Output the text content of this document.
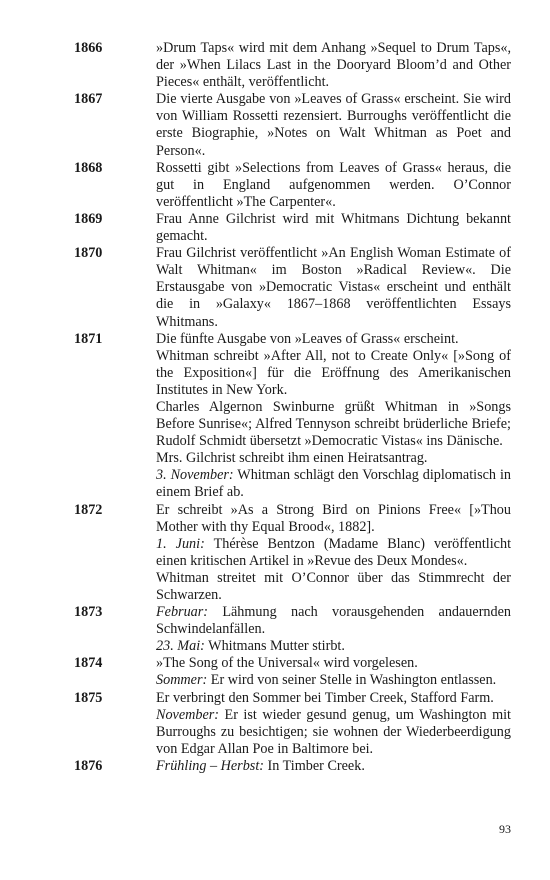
1866	»Drum Taps« wird mit dem Anhang »Sequel to Drum Taps«, der »When Lilacs Last in the Dooryard Bloom’d and Other Pieces« enthält, veröffentlicht.

1867	Die vierte Ausgabe von »Leaves of Grass« erscheint. Sie wird von William Rossetti rezensiert. Burroughs veröffentlicht die erste Biographie, »Notes on Walt Whitman as Poet and Person«.

1868	Rossetti gibt »Selections from Leaves of Grass« heraus, die gut in England aufgenommen werden. O’Connor veröffentlicht »The Carpenter«.

1869	Frau Anne Gilchrist wird mit Whitmans Dichtung bekannt gemacht.

1870	Frau Gilchrist veröffentlicht »An English Woman Estimate of Walt Whitman« im Boston »Radical Review«. Die Erstausgabe von »Democratic Vistas« erscheint und enthält die in »Galaxy« 1867–1868 veröffentlichten Essays Whitmans.

1871	Die fünfte Ausgabe von »Leaves of Grass« erscheint.

Whitman schreibt »After All, not to Create Only« [»Song of the Exposition«] für die Eröffnung des Amerikanischen Institutes in New York.

Charles Algernon Swinburne grüßt Whitman in »Songs Before Sunrise«; Alfred Tennyson schreibt brüderliche Briefe; Rudolf Schmidt übersetzt »Democratic Vistas« ins Dänische.

Mrs. Gilchrist schreibt ihm einen Heiratsantrag.

3. November: Whitman schlägt den Vorschlag diplomatisch in einem Brief ab.

1872	Er schreibt »As a Strong Bird on Pinions Free« [»Thou Mother with thy Equal Brood«, 1882].

1. Juni: Thérèse Bentzon (Madame Blanc) veröffentlicht einen kritischen Artikel in »Revue des Deux Mondes«.

Whitman streitet mit O’Connor über das Stimmrecht der Schwarzen.

1873	Februar: Lähmung nach vorausgehenden andauernden Schwindelanfällen.

23. Mai: Whitmans Mutter stirbt.

1874	»The Song of the Universal« wird vorgelesen.

Sommer: Er wird von seiner Stelle in Washington entlassen.

1875	Er verbringt den Sommer bei Timber Creek, Stafford Farm.

November: Er ist wieder gesund genug, um Washington mit Burroughs zu besichtigen; sie wohnen der Wiederbeerdigung von Edgar Allan Poe in Baltimore bei.

1876	Frühling – Herbst: In Timber Creek.

93
